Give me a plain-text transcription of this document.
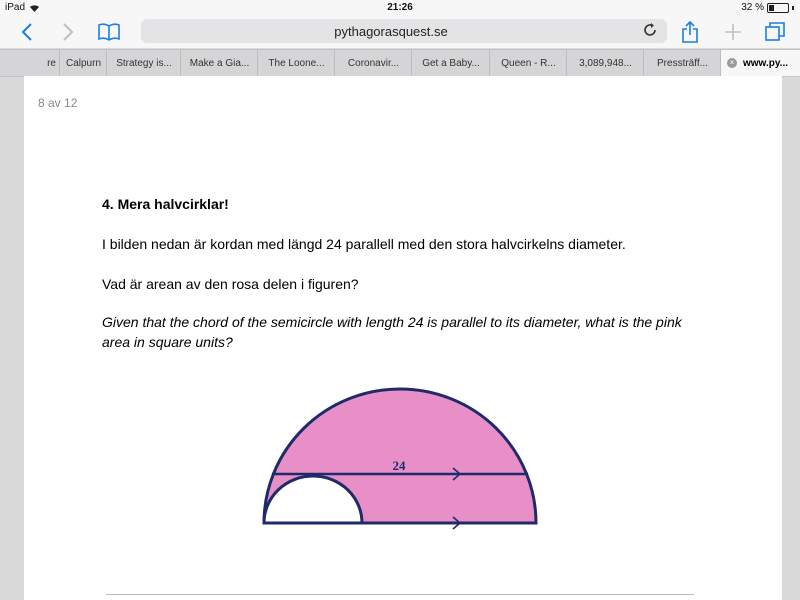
iPad	21:26	32 %
pythagorasquest.se
re Calpurn Strategy is... Make a Gia... The Loone... Coronavir... Get a Baby... Queen - R... 3,089,948...	Pressträff...	× www.py...
8 av 12

4. Mera halvcirklar!

I bilden nedan är kordan med längd 24 parallell med den stora halvcirkelns diameter.

Vad är arean av den rosa delen i figuren?

Given that the chord of the semicircle with length 24 is parallel to its diameter, what is the pink area in square units?

24
